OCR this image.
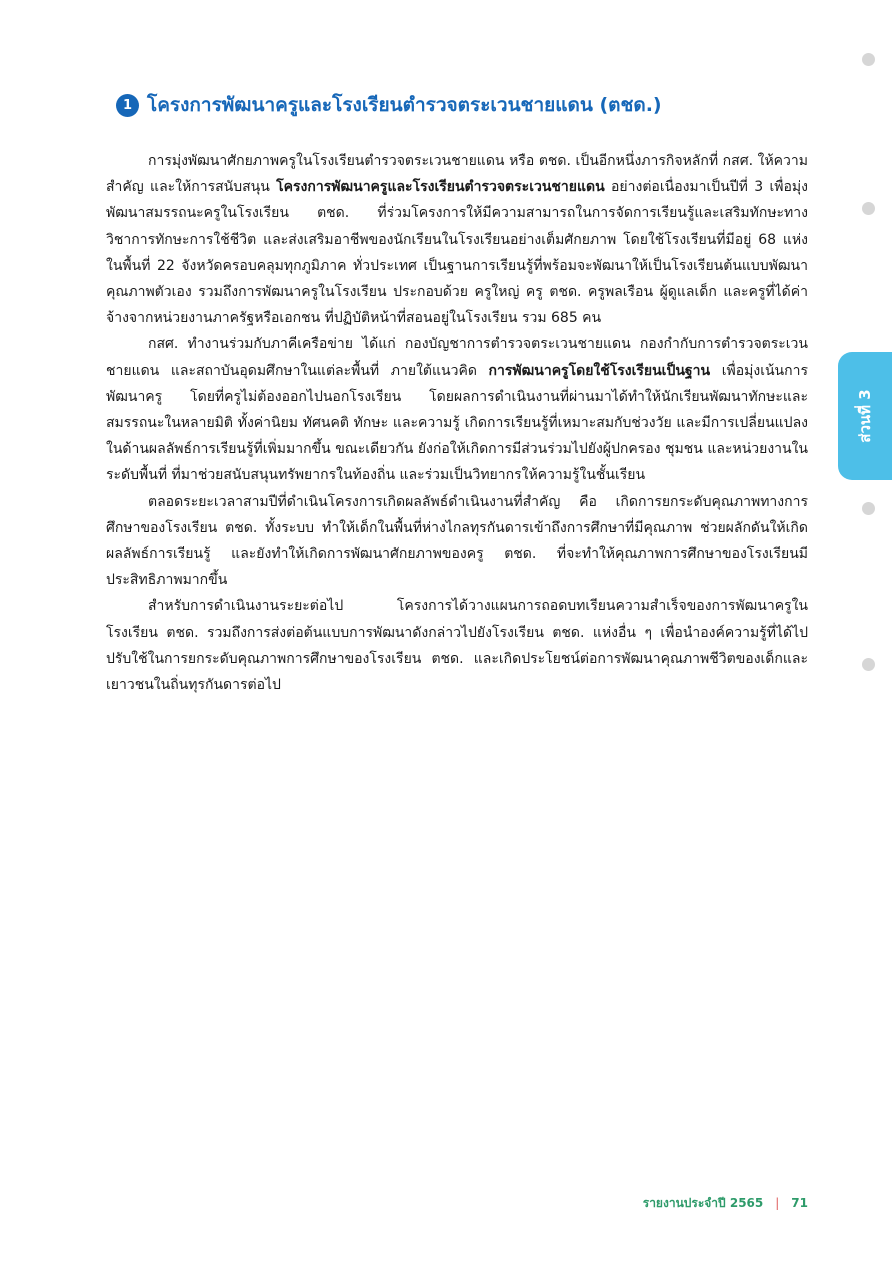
ส่วนที่ 3
1 โครงการพัฒนาครูและโรงเรียนตำรวจตระเวนชายแดน (ตชด.)

การมุ่งพัฒนาศักยภาพครูในโรงเรียนตำรวจตระเวนชายแดน หรือ ตชด. เป็นอีกหนึ่งภารกิจหลักที่ กสศ. ให้ความสำคัญ และให้การสนับสนุน โครงการพัฒนาครูและโรงเรียนตำรวจตระเวนชายแดน อย่างต่อเนื่องมาเป็นปีที่ 3 เพื่อมุ่งพัฒนาสมรรถนะครูในโรงเรียน ตชด. ที่ร่วมโครงการให้มีความสามารถในการจัดการเรียนรู้และเสริมทักษะทางวิชาการทักษะการใช้ชีวิต และส่งเสริมอาชีพของนักเรียนในโรงเรียนอย่างเต็มศักยภาพ โดยใช้โรงเรียนที่มีอยู่ 68 แห่ง ในพื้นที่ 22 จังหวัดครอบคลุมทุกภูมิภาค ทั่วประเทศ เป็นฐานการเรียนรู้ที่พร้อมจะพัฒนาให้เป็นโรงเรียนต้นแบบพัฒนาคุณภาพตัวเอง รวมถึงการพัฒนาครูในโรงเรียน ประกอบด้วย ครูใหญ่ ครู ตชด. ครูพลเรือน ผู้ดูแลเด็ก และครูที่ได้ค่าจ้างจากหน่วยงานภาครัฐหรือเอกชน ที่ปฏิบัติหน้าที่สอนอยู่ในโรงเรียน รวม 685 คน

กสศ. ทำงานร่วมกับภาคีเครือข่าย ได้แก่ กองบัญชาการตำรวจตระเวนชายแดน กองกำกับการตำรวจตระเวนชายแดน และสถาบันอุดมศึกษาในแต่ละพื้นที่ ภายใต้แนวคิด การพัฒนาครูโดยใช้โรงเรียนเป็นฐาน เพื่อมุ่งเน้นการพัฒนาครู โดยที่ครูไม่ต้องออกไปนอกโรงเรียน โดยผลการดำเนินงานที่ผ่านมาได้ทำให้นักเรียนพัฒนาทักษะและสมรรถนะในหลายมิติ ทั้งค่านิยม ทัศนคติ ทักษะ และความรู้ เกิดการเรียนรู้ที่เหมาะสมกับช่วงวัย และมีการเปลี่ยนแปลงในด้านผลลัพธ์การเรียนรู้ที่เพิ่มมากขึ้น ขณะเดียวกัน ยังก่อให้เกิดการมีส่วนร่วมไปยังผู้ปกครอง ชุมชน และหน่วยงานในระดับพื้นที่ ที่มาช่วยสนับสนุนทรัพยากรในท้องถิ่น และร่วมเป็นวิทยากรให้ความรู้ในชั้นเรียน

ตลอดระยะเวลาสามปีที่ดำเนินโครงการเกิดผลลัพธ์ดำเนินงานที่สำคัญ คือ เกิดการยกระดับคุณภาพทางการศึกษาของโรงเรียน ตชด. ทั้งระบบ ทำให้เด็กในพื้นที่ห่างไกลทุรกันดารเข้าถึงการศึกษาที่มีคุณภาพ ช่วยผลักดันให้เกิดผลลัพธ์การเรียนรู้ และยังทำให้เกิดการพัฒนาศักยภาพของครู ตชด. ที่จะทำให้คุณภาพการศึกษาของโรงเรียนมีประสิทธิภาพมากขึ้น

สำหรับการดำเนินงานระยะต่อไป โครงการได้วางแผนการถอดบทเรียนความสำเร็จของการพัฒนาครูในโรงเรียน ตชด. รวมถึงการส่งต่อต้นแบบการพัฒนาดังกล่าวไปยังโรงเรียน ตชด. แห่งอื่น ๆ เพื่อนำองค์ความรู้ที่ได้ไปปรับใช้ในการยกระดับคุณภาพการศึกษาของโรงเรียน ตชด. และเกิดประโยชน์ต่อการพัฒนาคุณภาพชีวิตของเด็กและเยาวชนในถิ่นทุรกันดารต่อไป

รายงานประจำปี 2565 | 71
